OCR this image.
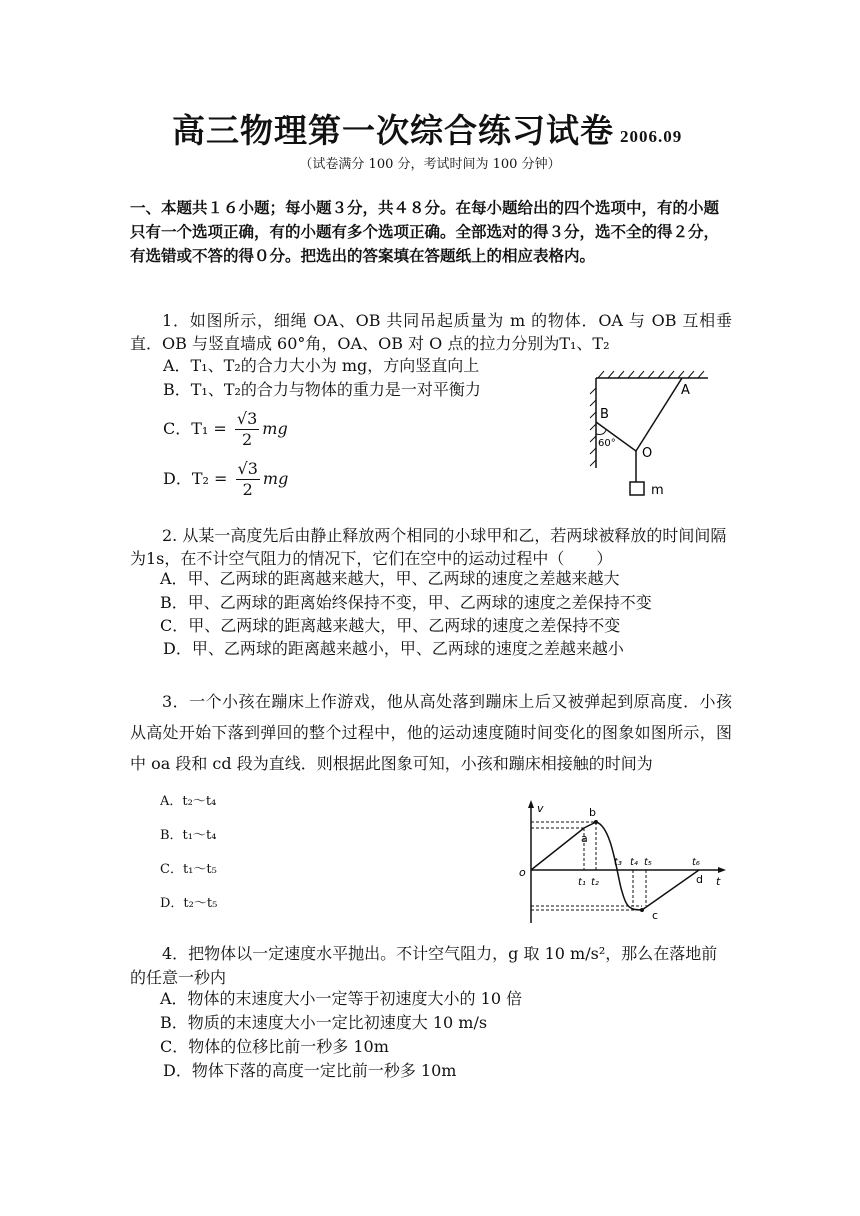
高三物理第一次综合练习试卷 2006.09
（试卷满分 100 分，考试时间为 100 分钟）
一、本题共１６小题；每小题３分，共４８分。在每小题给出的四个选项中，有的小题只有一个选项正确，有的小题有多个选项正确。全部选对的得３分，选不全的得２分，有选错或不答的得０分。把选出的答案填在答题纸上的相应表格内。
1．如图所示，细绳 OA、OB 共同吊起质量为 m 的物体．OA 与 OB 互相垂直．OB 与竖直墙成 60°角，OA、OB 对 O 点的拉力分别为T₁、T₂
A．T₁、T₂的合力大小为 mg，方向竖直向上
B．T₁、T₂的合力与物体的重力是一对平衡力
C．$T_1 = \frac{√3}{2}$ mg
D．$T_2 = \frac{√3}{2}$ mg
A
B
60°
O
m
2. 从某一高度先后由静止释放两个相同的小球甲和乙，若两球被释放的时间间隔为1s，在不计空气阻力的情况下，它们在空中的运动过程中（　　）
A．甲、乙两球的距离越来越大，甲、乙两球的速度之差越来越大
B．甲、乙两球的距离始终保持不变，甲、乙两球的速度之差保持不变
C．甲、乙两球的距离越来越大，甲、乙两球的速度之差保持不变
D．甲、乙两球的距离越来越小，甲、乙两球的速度之差越来越小
3．一个小孩在蹦床上作游戏，他从高处落到蹦床上后又被弹起到原高度．小孩从高处开始下落到弹回的整个过程中，他的运动速度随时间变化的图象如图所示，图中 oa 段和 cd 段为直线．则根据此图象可知，小孩和蹦床相接触的时间为
A．t₂～t₄
B．t₁～t₄
C．t₁～t₅
D．t₂～t₅
v
o
t
a
b
c
d
t₁ t₂
t₃ t₄ t₅	t₆
4．把物体以一定速度水平抛出。不计空气阻力，g 取 10 m/s²，那么在落地前的任意一秒内
A．物体的末速度大小一定等于初速度大小的 10 倍
B．物质的末速度大小一定比初速度大 10 m/s
C．物体的位移比前一秒多 10m
D．物体下落的高度一定比前一秒多 10m
